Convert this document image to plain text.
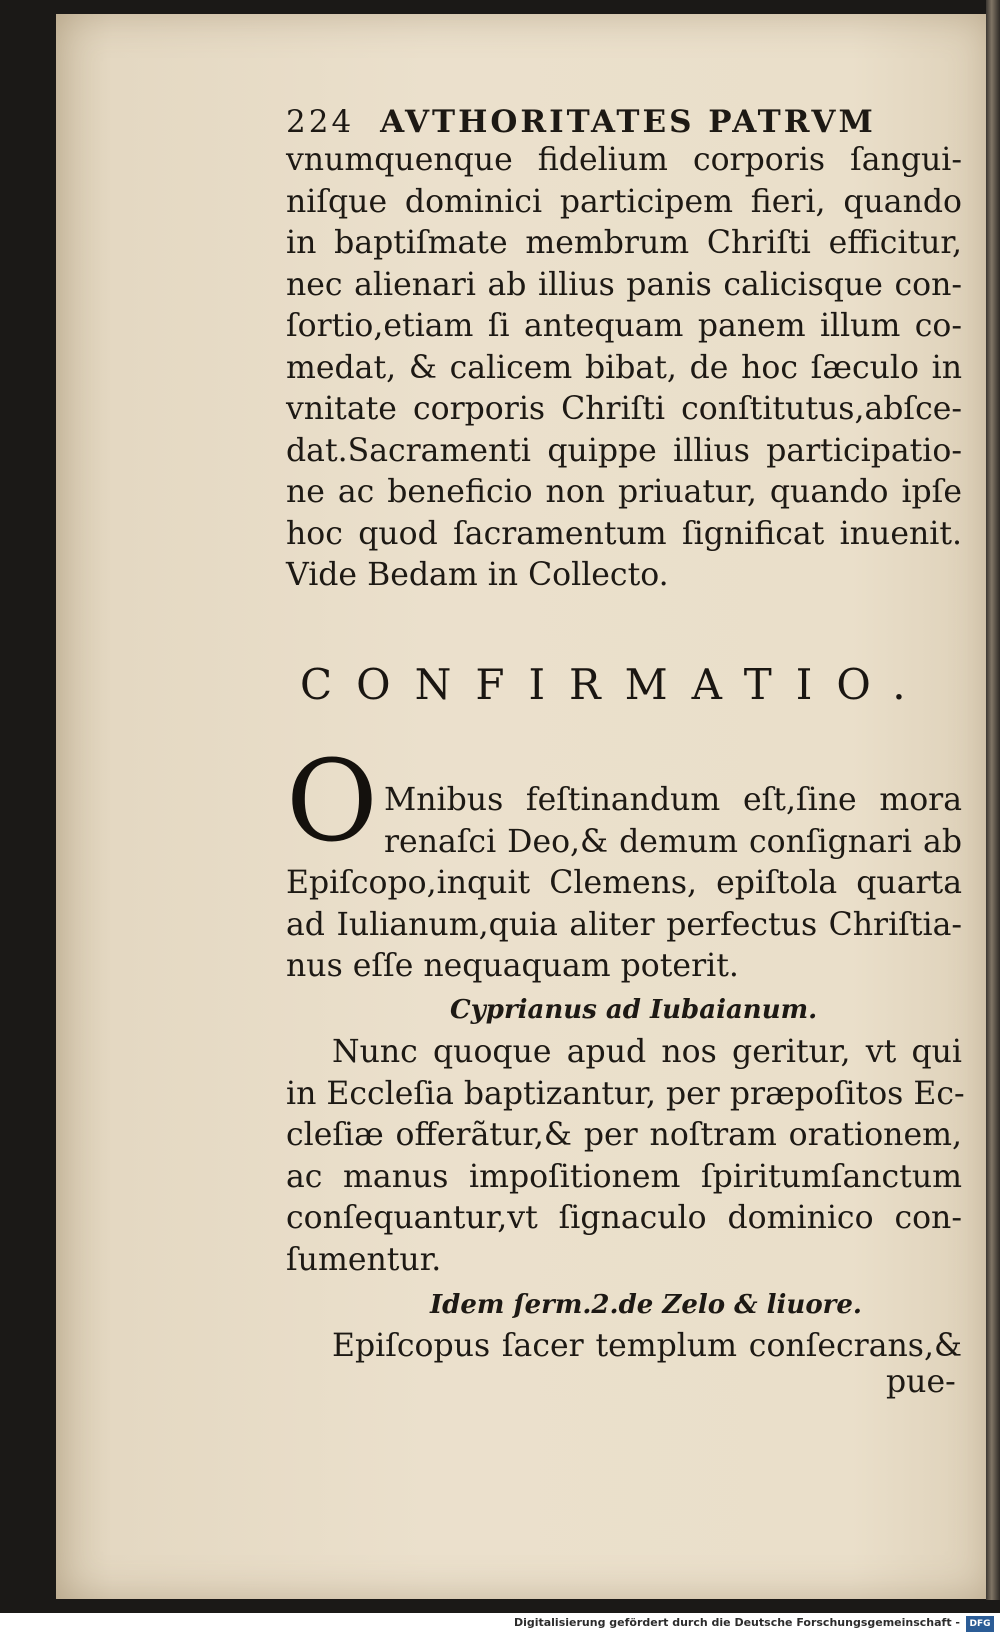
224 AVTHORITATES PATRVM
vnumquenque fidelium corporis ſangui-
niſque dominici participem fieri, quando
in baptiſmate membrum Chriſti efficitur,
nec alienari ab illius panis calicisque con-
ſortio,etiam ſi antequam panem illum co-
medat, & calicem bibat, de hoc ſæculo in
vnitate corporis Chriſti conſtitutus,abſce-
dat.Sacramenti quippe illius participatio-
ne ac beneficio non priuatur, quando ipſe
hoc quod ſacramentum ſignificat inuenit.
Vide Bedam in Collecto.
CONFIRMATIO.
O Mnibus feſtinandum eſt,ſine mora
renaſci Deo,& demum conſignari ab
Epiſcopo,inquit Clemens, epiſtola quarta
ad Iulianum,quia aliter perfectus Chriſtia-
nus eſſe nequaquam poterit.
Cyprianus ad Iubaianum.
Nunc quoque apud nos geritur, vt qui
in Eccleſia baptizantur, per præpoſitos Ec-
cleſiæ offerãtur,& per noſtram orationem,
ac manus impoſitionem ſpiritumſanctum
conſequantur,vt ſignaculo dominico con-
ſumentur.
Idem ſerm.2.de Zelo & liuore.
Epiſcopus ſacer templum conſecrans,&
pue-
Digitalisierung gefördert durch die Deutsche Forschungsgemeinschaft -	DFG
